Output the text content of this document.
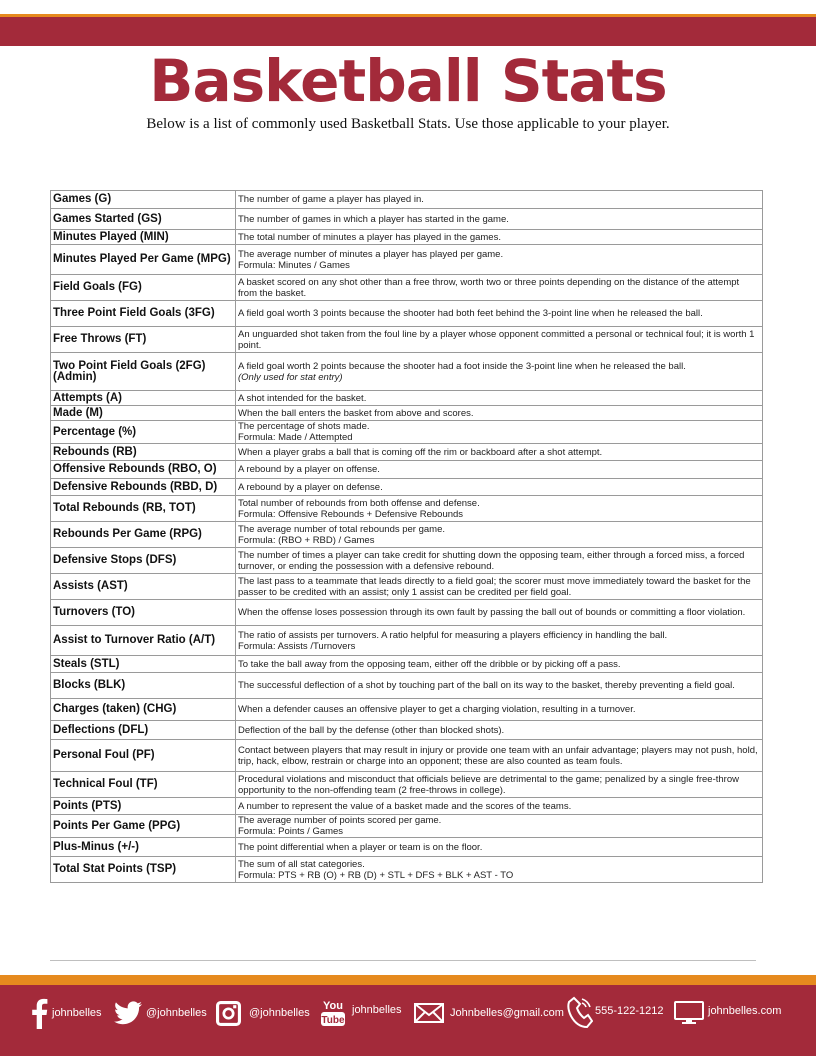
Basketball Stats
Below is a list of commonly used Basketball Stats. Use those applicable to your player.
Games (G)	The number of game a player has played in.
Games Started (GS)	The number of games in which a player has started in the game.
Minutes Played (MIN)	The total number of minutes a player has played in the games.
Minutes Played Per Game (MPG)	The average number of minutes a player has played per game.
Formula: Minutes / Games

Field Goals (FG)	A basket scored on any shot other than a free throw, worth two or three points depending on the distance of the attempt from the basket.
Three Point Field Goals (3FG)	A field goal worth 3 points because the shooter had both feet behind the 3-point line when he released the ball.
Free Throws (FT)	An unguarded shot taken from the foul line by a player whose opponent committed a personal or technical foul; it is worth 1 point.
Two Point Field Goals (2FG) (Admin)	A field goal worth 2 points because the shooter had a foot inside the 3-point line when he released the ball.
(Only used for stat entry)

Attempts (A)	A shot intended for the basket.
Made (M)	When the ball enters the basket from above and scores.
Percentage (%)	The percentage of shots made.
Formula: Made / Attempted

Rebounds (RB)	When a player grabs a ball that is coming off the rim or backboard after a shot attempt.
Offensive Rebounds (RBO, O)	A rebound by a player on offense.
Defensive Rebounds (RBD, D)	A rebound by a player on defense.
Total Rebounds (RB, TOT)	Total number of rebounds from both offense and defense.
Formula: Offensive Rebounds + Defensive Rebounds

Rebounds Per Game (RPG)	The average number of total rebounds per game.
Formula: (RBO + RBD) / Games

Defensive Stops (DFS)	The number of times a player can take credit for shutting down the opposing team, either through a forced miss, a forced turnover, or ending the possession with a defensive rebound.
Assists (AST)	The last pass to a teammate that leads directly to a field goal; the scorer must move immediately toward the basket for the passer to be credited with an assist; only 1 assist can be credited per field goal.
Turnovers (TO)	When the offense loses possession through its own fault by passing the ball out of bounds or committing a floor violation.
Assist to Turnover Ratio (A/T)	The ratio of assists per turnovers. A ratio helpful for measuring a players efficiency in handling the ball.
Formula: Assists /Turnovers

Steals (STL)	To take the ball away from the opposing team, either off the dribble or by picking off a pass.
Blocks (BLK)	The successful deflection of a shot by touching part of the ball on its way to the basket, thereby preventing a field goal.
Charges (taken) (CHG)	When a defender causes an offensive player to get a charging violation, resulting in a turnover.
Deflections (DFL)	Deflection of the ball by the defense (other than blocked shots).
Personal Foul (PF)	Contact between players that may result in injury or provide one team with an unfair advantage; players may not push, hold, trip, hack, elbow, restrain or charge into an opponent; these are also counted as team fouls.
Technical Foul (TF)	Procedural violations and misconduct that officials believe are detrimental to the game; penalized by a single free-throw opportunity to the non-offending team (2 free-throws in college).
Points (PTS)	A number to represent the value of a basket made and the scores of the teams.
Points Per Game (PPG)	The average number of points scored per game.
Formula: Points / Games

Plus-Minus (+/-)	The point differential when a player or team is on the floor.
Total Stat Points (TSP)	The sum of all stat categories.
Formula: PTS + RB (O) + RB (D) + STL + DFS + BLK + AST - TO
johnbelles	@johnbelles	@johnbelles
You
Tube
johnbelles	Johnbelles@gmail.com	555-122-1212	johnbelles.com
